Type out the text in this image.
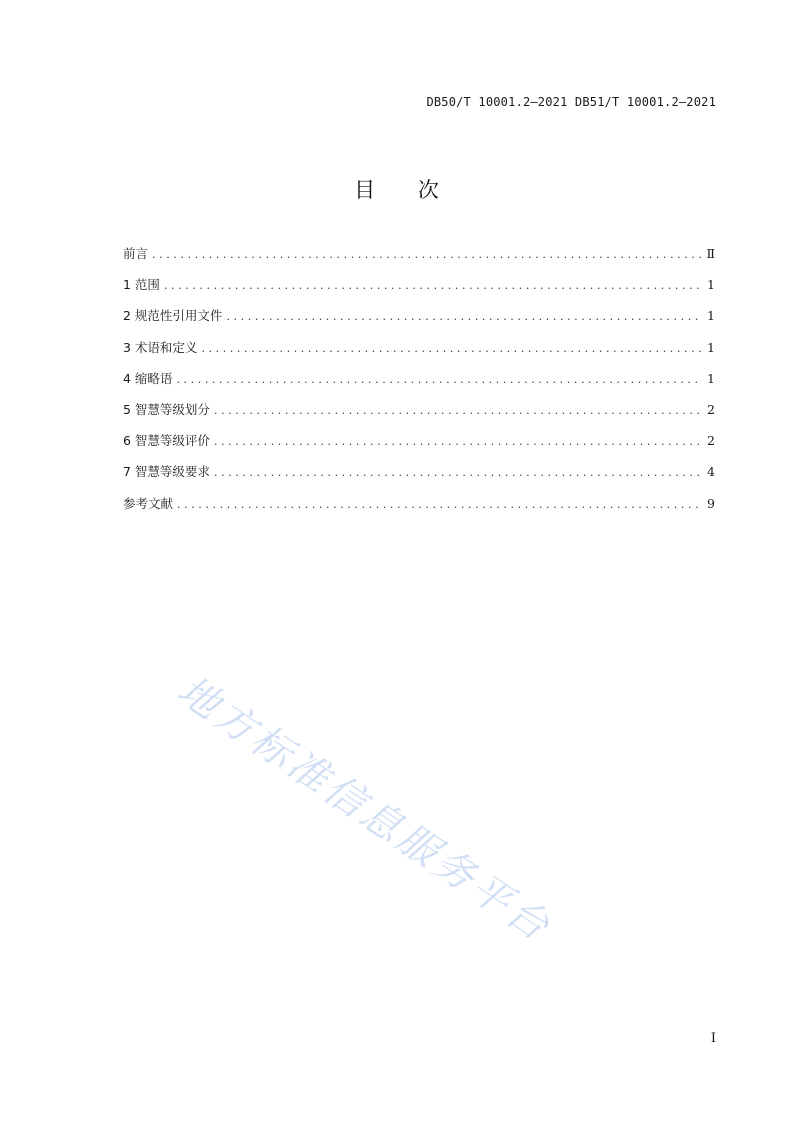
DB50/T 10001.2—2021 DB51/T 10001.2—2021
目 次
前言 .....	Ⅱ
1 范围 .....	1
2 规范性引用文件 .....	1
3 术语和定义 .....	1
4 缩略语 .....	1
5 智慧等级划分 .....	2
6 智慧等级评价 .....	2
7 智慧等级要求 .....	4
参考文献 .....	9
地方标准信息服务平台
I
